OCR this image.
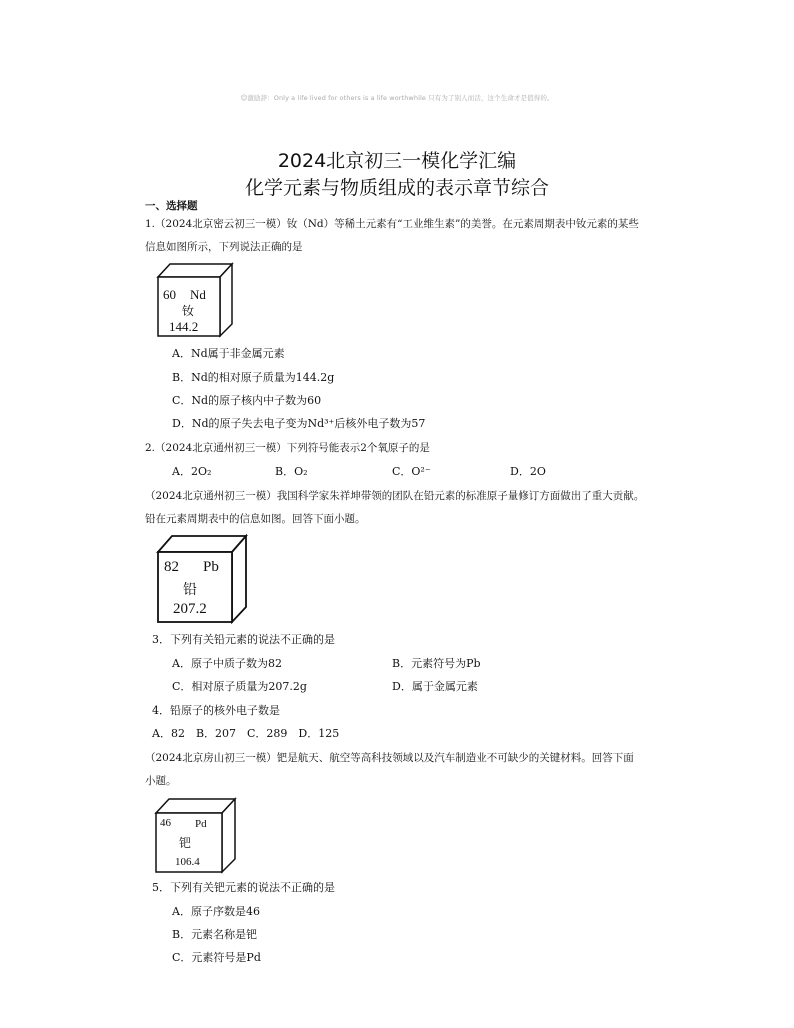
☺激励辞：Only a life lived for others is a life worthwhile 只有为了别人而活，这个生命才是值得的。
2024北京初三一模化学汇编
化学元素与物质组成的表示章节综合
一、选择题
1.（2024北京密云初三一模）钕（Nd）等稀土元素有“工业维生素”的美誉。在元素周期表中钕元素的某些
信息如图所示，下列说法正确的是
60 Nd
钕
144.2
A．Nd属于非金属元素
B．Nd的相对原子质量为144.2g
C．Nd的原子核内中子数为60
D．Nd的原子失去电子变为Nd³⁺后核外电子数为57
2.（2024北京通州初三一模）下列符号能表示2个氧原子的是
A．2O₂	B．O₂	C．O²⁻	D．2O
（2024北京通州初三一模）我国科学家朱祥坤带领的团队在铅元素的标准原子量修订方面做出了重大贡献。
铅在元素周期表中的信息如图。回答下面小题。
82 Pb
铅
207.2
3．下列有关铅元素的说法不正确的是
A．原子中质子数为82	B．元素符号为Pb
C．相对原子质量为207.2g	D．属于金属元素
4．铅原子的核外电子数是
A．82　B．207　C．289　D．125
（2024北京房山初三一模）钯是航天、航空等高科技领域以及汽车制造业不可缺少的关键材料。回答下面
小题。
46 Pd
钯
106.4
5．下列有关钯元素的说法不正确的是
A．原子序数是46
B．元素名称是钯
C．元素符号是Pd
